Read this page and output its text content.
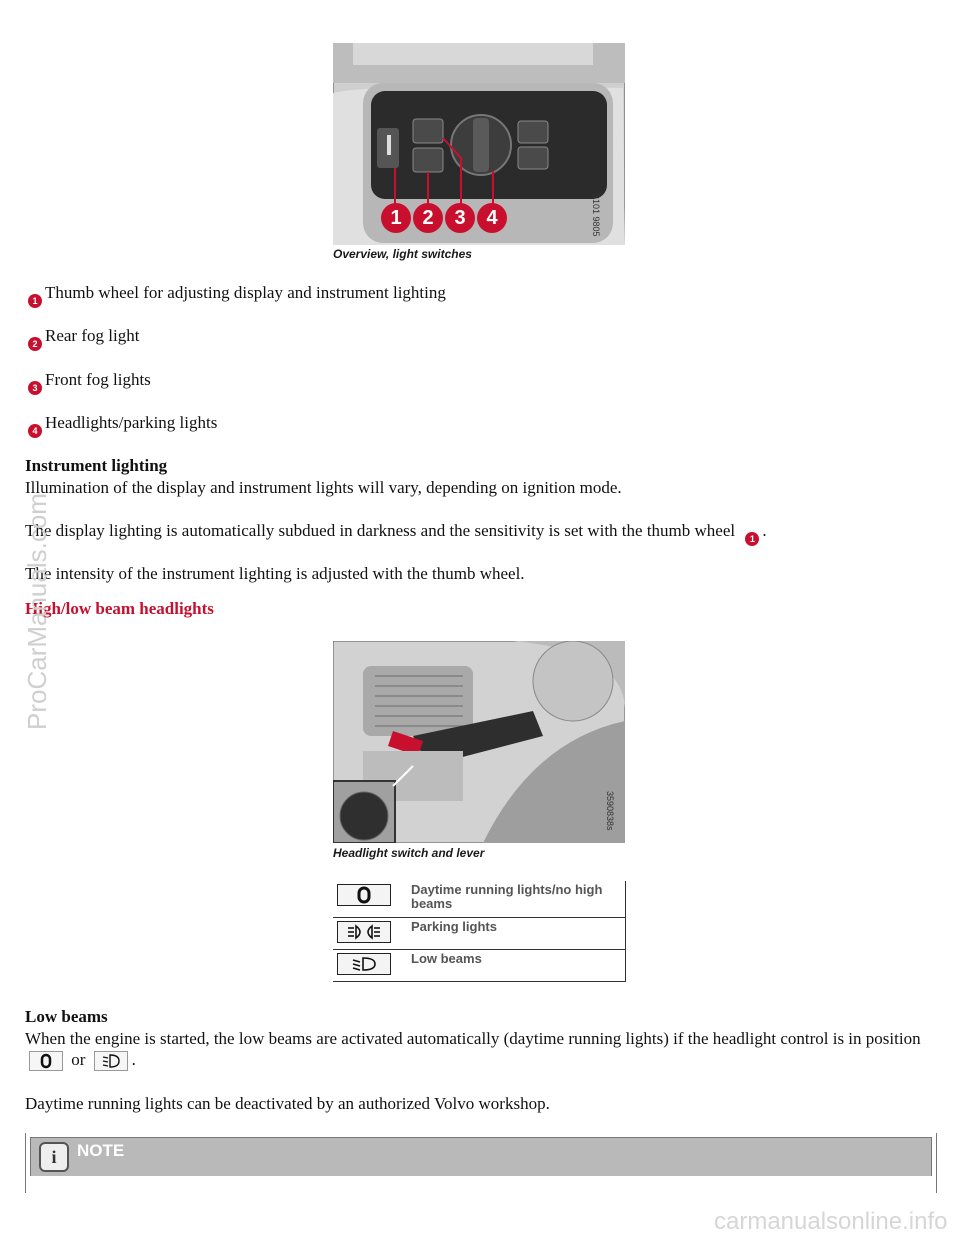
1	2	3	4	S101 9805
Overview, light switches
1 Thumb wheel for adjusting display and instrument lighting
2 Rear fog light
3 Front fog lights
4 Headlights/parking lights
Instrument lighting
Illumination of the display and instrument lights will vary, depending on ignition mode.
The display lighting is automatically subdued in darkness and the sensitivity is set with the thumb wheel 1 .
The intensity of the instrument lighting is adjusted with the thumb wheel.
High/low beam headlights
3590838s
Headlight switch and lever
	Daytime running lights/no high beams

	Parking lights

	Low beams
Low beams
When the engine is started, the low beams are activated automatically (daytime running lights) if the headlight control is in position
or	.
Daytime running lights can be deactivated by an authorized Volvo workshop.
i	NOTE
ProCarManuals.com
carmanualsonline.info
